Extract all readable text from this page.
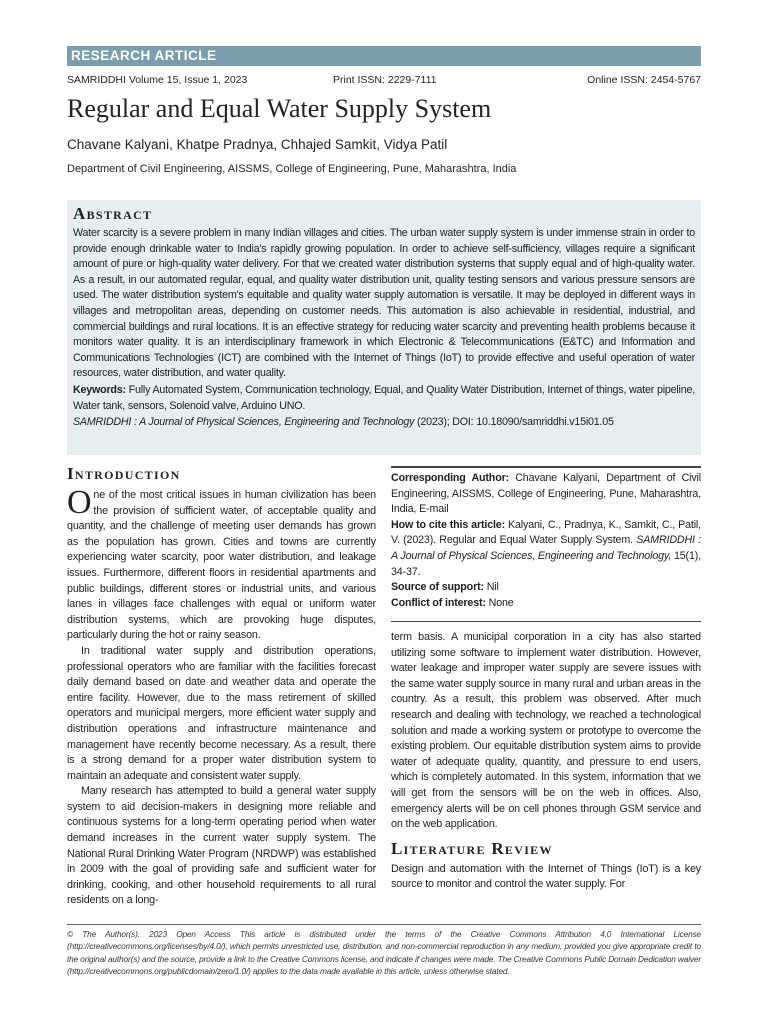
RESEARCH ARTICLE
SAMRIDDHI Volume 15, Issue 1, 2023	Print ISSN: 2229-7111	Online ISSN: 2454-5767
Regular and Equal Water Supply System
Chavane Kalyani, Khatpe Pradnya, Chhajed Samkit, Vidya Patil
Department of Civil Engineering, AISSMS, College of Engineering, Pune, Maharashtra, India
Abstract

Water scarcity is a severe problem in many Indian villages and cities. The urban water supply system is under immense strain in order to provide enough drinkable water to India's rapidly growing population. In order to achieve self-sufficiency, villages require a significant amount of pure or high-quality water delivery. For that we created water distribution systems that supply equal and of high-quality water. As a result, in our automated regular, equal, and quality water distribution unit, quality testing sensors and various pressure sensors are used. The water distribution system's equitable and quality water supply automation is versatile. It may be deployed in different ways in villages and metropolitan areas, depending on customer needs. This automation is also achievable in residential, industrial, and commercial buildings and rural locations. It is an effective strategy for reducing water scarcity and preventing health problems because it monitors water quality. It is an interdisciplinary framework in which Electronic & Telecommunications (E&TC) and Information and Communications Technologies (ICT) are combined with the Internet of Things (IoT) to provide effective and useful operation of water resources, water distribution, and water quality.

Keywords: Fully Automated System, Communication technology, Equal, and Quality Water Distribution, Internet of things, water pipeline, Water tank, sensors, Solenoid valve, Arduino UNO.

SAMRIDDHI : A Journal of Physical Sciences, Engineering and Technology (2023); DOI: 10.18090/samriddhi.v15i01.05

Introduction

One of the most critical issues in human civilization has been the provision of sufficient water, of acceptable quality and quantity, and the challenge of meeting user demands has grown as the population has grown. Cities and towns are currently experiencing water scarcity, poor water distribution, and leakage issues. Furthermore, different floors in residential apartments and public buildings, different stores or industrial units, and various lanes in villages face challenges with equal or uniform water distribution systems, which are provoking huge disputes, particularly during the hot or rainy season.

In traditional water supply and distribution operations, professional operators who are familiar with the facilities forecast daily demand based on date and weather data and operate the entire facility. However, due to the mass retirement of skilled operators and municipal mergers, more efficient water supply and distribution operations and infrastructure maintenance and management have recently become necessary. As a result, there is a strong demand for a proper water distribution system to maintain an adequate and consistent water supply.

Many research has attempted to build a general water supply system to aid decision-makers in designing more reliable and continuous systems for a long-term operating period when water demand increases in the current water supply system. The National Rural Drinking Water Program (NRDWP) was established in 2009 with the goal of providing safe and sufficient water for drinking, cooking, and other household requirements to all rural residents on a long-

Corresponding Author: Chavane Kalyani, Department of Civil Engineering, AISSMS, College of Engineering, Pune, Maharashtra, India, E-mail

How to cite this article: Kalyani, C., Pradnya, K., Samkit, C., Patil, V. (2023). Regular and Equal Water Supply System. SAMRIDDHI : A Journal of Physical Sciences, Engineering and Technology, 15(1), 34-37.

Source of support: Nil

Conflict of interest: None

term basis. A municipal corporation in a city has also started utilizing some software to implement water distribution. However, water leakage and improper water supply are severe issues with the same water supply source in many rural and urban areas in the country. As a result, this problem was observed. After much research and dealing with technology, we reached a technological solution and made a working system or prototype to overcome the existing problem. Our equitable distribution system aims to provide water of adequate quality, quantity, and pressure to end users, which is completely automated. In this system, information that we will get from the sensors will be on the web in offices. Also, emergency alerts will be on cell phones through GSM service and on the web application.

Literature Review

Design and automation with the Internet of Things (IoT) is a key source to monitor and control the water supply. For

© The Author(s). 2023 Open Access This article is distributed under the terms of the Creative Commons Attribution 4.0 International License (http://creativecommons.org/licenses/by/4.0/), which permits unrestricted use, distribution, and non-commercial reproduction in any medium, provided you give appropriate credit to the original author(s) and the source, provide a link to the Creative Commons license, and indicate if changes were made. The Creative Commons Public Domain Dedication waiver (http://creativecommons.org/publicdomain/zero/1.0/) applies to the data made available in this article, unless otherwise stated.
